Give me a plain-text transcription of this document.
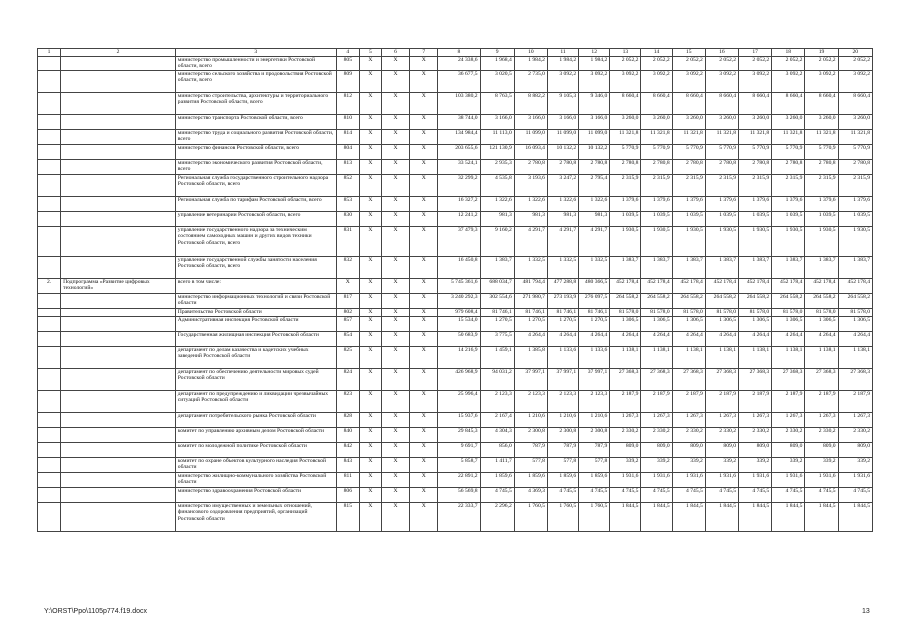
1	2	3	4	5	6	7	8	9	10	11	12	13	14	15	16	17	18	19	20
		министерство промышленности и энергетики Ростовской области, всего	805	X	X	X	24 338,6	1 968,4	1 984,2	1 984,2	1 984,2	2 052,2	2 052,2	2 052,2	2 052,2	2 052,2	2 052,2	2 052,2	2 052,2
		министерство сельского хозяйства и продовольствия Ростовской области, всего	809	X	X	X	36 677,5	3 020,5	2 735,0	3 092,2	3 092,2	3 092,2	3 092,2	3 092,2	3 092,2	3 092,2	3 092,2	3 092,2	3 092,2
		министерство строительства, архитектуры и территориального развития Ростовской области, всего	812	X	X	X	103 380,2	8 763,5	8 882,2	9 105,3	9 346,0	8 660,4	8 660,4	8 660,4	8 660,4	8 660,4	8 660,4	8 660,4	8 660,4
		министерство транспорта Ростовской области, всего	810	X	X	X	38 744,0	3 166,0	3 166,0	3 166,0	3 166,0	3 260,0	3 260,0	3 260,0	3 260,0	3 260,0	3 260,0	3 260,0	3 260,0
		министерство труда и социального развития Ростовской области, всего	814	X	X	X	134 984,4	11 113,0	11 099,0	11 099,0	11 099,0	11 321,8	11 321,8	11 321,8	11 321,8	11 321,8	11 321,8	11 321,8	11 321,8
		министерство финансов Ростовской области, всего	804	X	X	X	203 655,6	121 130,9	16 093,4	10 132,2	10 132,2	5 770,9	5 770,9	5 770,9	5 770,9	5 770,9	5 770,9	5 770,9	5 770,9
		министерство экономического развития Ростовской области, всего	813	X	X	X	33 524,1	2 935,3	2 780,8	2 780,8	2 780,8	2 780,8	2 780,8	2 780,8	2 780,8	2 780,8	2 780,8	2 780,8	2 780,8
		Региональная служба государственного строительного надзора Ростовской области, всего	852	X	X	X	32 299,2	4 535,8	3 193,6	3 247,2	2 795,4	2 315,9	2 315,9	2 315,9	2 315,9	2 315,9	2 315,9	2 315,9	2 315,9
		Региональная служба по тарифам Ростовской области, всего	853	X	X	X	16 327,2	1 322,6	1 322,6	1 322,6	1 322,6	1 379,6	1 379,6	1 379,6	1 379,6	1 379,6	1 379,6	1 379,6	1 379,6
		управление ветеринарии Ростовской области, всего	830	X	X	X	12 241,2	981,3	981,3	981,3	981,3	1 039,5	1 039,5	1 039,5	1 039,5	1 039,5	1 039,5	1 039,5	1 039,5
		управление государственного надзора за техническим состоянием самоходных машин и других видов техники Ростовской области, всего	831	X	X	X	37 479,3	9 160,2	4 291,7	4 291,7	4 291,7	1 930,5	1 930,5	1 930,5	1 930,5	1 930,5	1 930,5	1 930,5	1 930,5
		управление государственной службы занятости населения Ростовской области, всего	832	X	X	X	16 450,8	1 383,7	1 332,5	1 332,5	1 332,5	1 383,7	1 383,7	1 383,7	1 383,7	1 383,7	1 383,7	1 383,7	1 383,7
2.	Подпрограмма «Развитие цифровых технологий»	всего в том числе:	X	X	X	X	5 745 361,6	688 034,7	481 794,4	477 288,8	480 366,5	452 178,4	452 178,4	452 178,4	452 178,4	452 178,4	452 178,4	452 178,4	452 178,4
		министерство информационных технологий и связи Ростовской области	817	X	X	X	3 240 292,3	302 554,6	271 980,7	273 193,9	276 097,5	264 558,2	264 558,2	264 558,2	264 558,2	264 558,2	264 558,2	264 558,2	264 558,2
		Правительство Ростовской области	802	X	X	X	979 608,4	81 746,1	81 746,1	81 746,1	81 746,1	81 578,0	81 578,0	81 578,0	81 578,0	81 578,0	81 578,0	81 578,0	81 578,0
		Административная инспекция Ростовской области	857	X	X	X	15 534,0	1 270,5	1 270,5	1 270,5	1 270,5	1 306,5	1 306,5	1 306,5	1 306,5	1 306,5	1 306,5	1 306,5	1 306,5
		Государственная жилищная инспекция Ростовской области	854	X	X	X	50 683,9	3 775,5	4 264,4	4 264,4	4 264,4	4 264,4	4 264,4	4 264,4	4 264,4	4 264,4	4 264,4	4 264,4	4 264,4
		департамент по делам казачества и кадетских учебных заведений Ростовской области	825	X	X	X	14 216,9	1 459,1	1 385,8	1 133,6	1 133,6	1 138,1	1 138,1	1 138,1	1 138,1	1 138,1	1 138,1	1 138,1	1 138,1
		департамент по обеспечению деятельности мировых судей Ростовской области	824	X	X	X	426 968,9	94 031,2	37 997,1	37 997,1	37 997,1	27 368,3	27 368,3	27 368,3	27 368,3	27 368,3	27 368,3	27 368,3	27 368,3
		департамент по предупреждению и ликвидации чрезвычайных ситуаций Ростовской области	823	X	X	X	25 996,4	2 123,3	2 123,3	2 123,3	2 123,3	2 187,9	2 187,9	2 187,9	2 187,9	2 187,9	2 187,9	2 187,9	2 187,9
		департамент потребительского рынка Ростовской области	828	X	X	X	15 937,6	2 167,4	1 210,6	1 210,6	1 210,6	1 267,3	1 267,3	1 267,3	1 267,3	1 267,3	1 267,3	1 267,3	1 267,3
		комитет по управлению архивным делом Ростовской области	840	X	X	X	29 845,3	4 304,3	2 300,8	2 300,8	2 300,8	2 330,2	2 330,2	2 330,2	2 330,2	2 330,2	2 330,2	2 330,2	2 330,2
		комитет по молодежной политике Ростовской области	842	X	X	X	9 691,7	856,0	787,9	787,9	787,9	809,0	809,0	809,0	809,0	809,0	809,0	809,0	809,0
		комитет по охране объектов культурного наследия Ростовской области	843	X	X	X	5 858,7	1 411,7	577,8	577,8	577,8	339,2	339,2	339,2	339,2	339,2	339,2	339,2	339,2
		министерство жилищно-коммунального хозяйства Ростовской области	811	X	X	X	22 891,2	1 859,6	1 859,6	1 859,6	1 859,6	1 931,6	1 931,6	1 931,6	1 931,6	1 931,6	1 931,6	1 931,6	1 931,6
		министерство здравоохранения Ростовской области	806	X	X	X	56 569,8	4 745,5	4 369,3	4 745,5	4 745,5	4 745,5	4 745,5	4 745,5	4 745,5	4 745,5	4 745,5	4 745,5	4 745,5
		министерство имущественных и земельных отношений, финансового оздоровления предприятий, организаций Ростовской области	815	X	X	X	22 333,7	2 296,2	1 760,5	1 760,5	1 760,5	1 844,5	1 844,5	1 844,5	1 844,5	1 844,5	1 844,5	1 844,5	1 844,5
Y:\ORST\Ppo\1105p774.f19.docx	13
